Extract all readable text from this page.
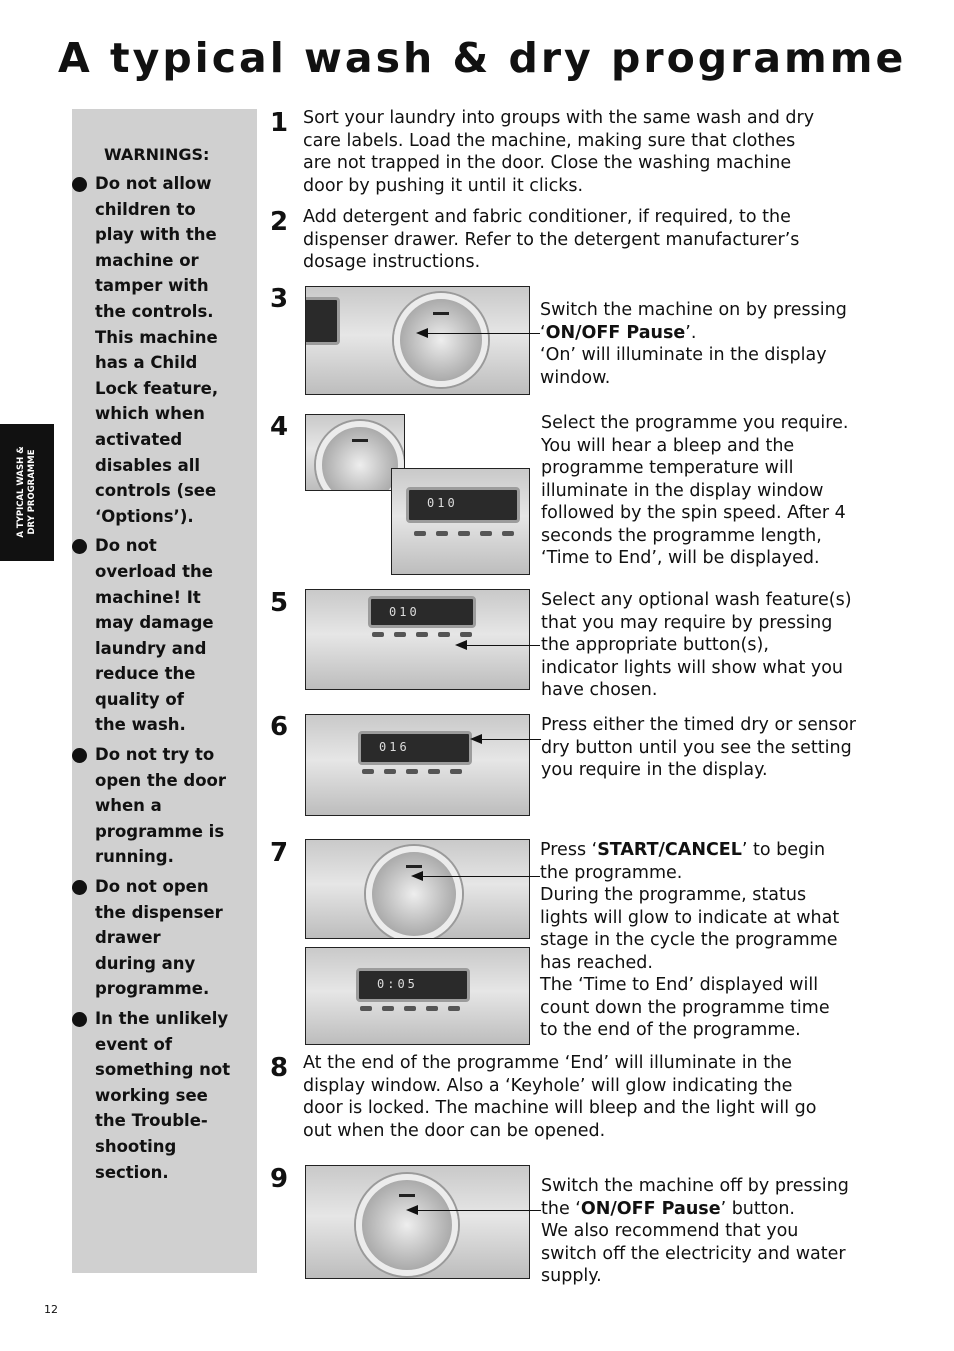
A typical wash & dry programme
A TYPICAL WASH &
DRY PROGRAMME
WARNINGS:
Do not allow
children to
play with the
machine or
tamper with
the controls.
This machine
has a Child
Lock feature,
which when
activated
disables all
controls (see
‘Options’).
Do not
overload the
machine! It
may damage
laundry and
reduce the
quality of
the wash.
Do not try to
open the door
when a
programme is
running.
Do not open
the dispenser
drawer
during any
programme.
In the unlikely
event of
something not
working see
the Trouble-
shooting
section.
1 Sort your laundry into groups with the same wash and dry
care labels. Load the machine, making sure that clothes
are not trapped in the door. Close the washing machine
door by pushing it until it clicks.

2 Add detergent and fabric conditioner, if required, to the
dispenser drawer. Refer to the detergent manufacturer’s
dosage instructions.

3	Switch the machine on by pressing
‘ON/OFF Pause’.
‘On’ will illuminate in the display
window.

4
010

Select the programme you require.
You will hear a bleep and the
programme temperature will
illuminate in the display window
followed by the spin speed. After 4
seconds the programme length,
‘Time to End’, will be displayed.

5	010

Select any optional wash feature(s)
that you may require by pressing
the appropriate button(s),
indicator lights will show what you
have chosen.

6
016

Press either the timed dry or sensor
dry button until you see the setting
you require in the display.

7
0:05

Press ‘START/CANCEL’ to begin
the programme.
During the programme, status
lights will glow to indicate at what
stage in the cycle the programme
has reached.
The ‘Time to End’ displayed will
count down the programme time
to the end of the programme.

8 At the end of the programme ‘End’ will illuminate in the
display window. Also a ‘Keyhole’ will glow indicating the
door is locked. The machine will bleep and the light will go
out when the door can be opened.

9	Switch the machine off by pressing
the ‘ON/OFF Pause’ button.
We also recommend that you
switch off the electricity and water
supply.

12
